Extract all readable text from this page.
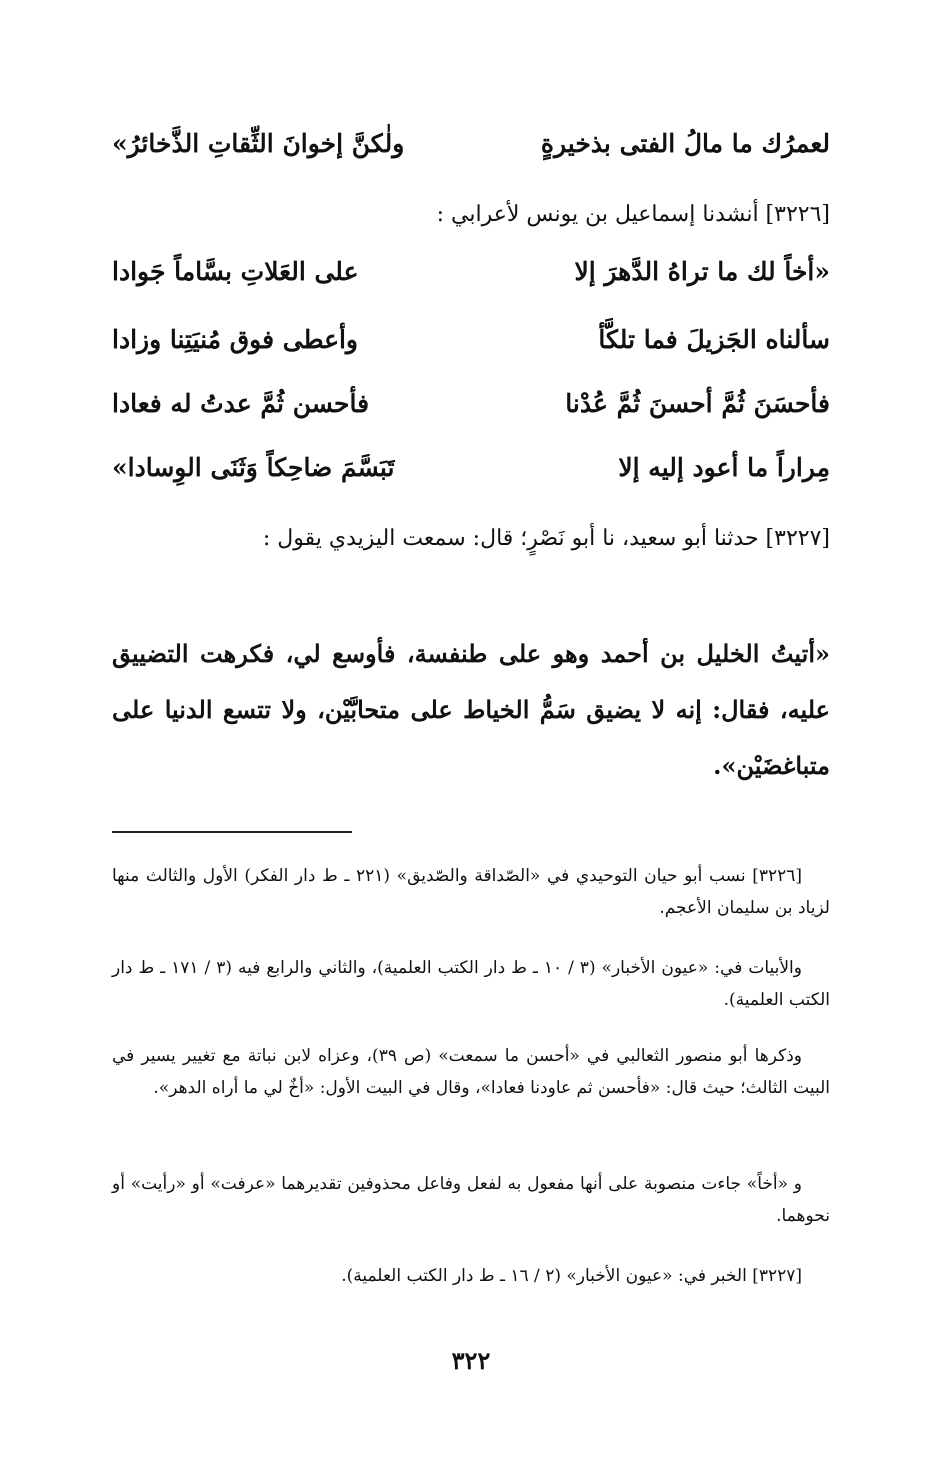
لعمرُك ما مالُ الفتى بذخيرةٍ
ولٰكنَّ إخوانَ الثِّقاتِ الذَّخائرُ»
[٣٢٢٦] أنشدنا إسماعيل بن يونس لأعرابي :
«أخاً لك ما تراهُ الدَّهرَ إلا
على العَلاتِ بسَّاماً جَوادا
سألناه الجَزيلَ فما تلكَّأ
وأعطى فوق مُنيَتِنا وزادا
فأحسَنَ ثُمَّ أحسنَ ثُمَّ عُدْنا
فأحسن ثُمَّ عدتُ له فعادا
مِراراً ما أعود إليه إلا
تَبَسَّمَ ضاحِكاً وَثَنَى الوِسادا»
[٣٢٢٧] حدثنا أبو سعيد، نا أبو نَصْرٍ؛ قال: سمعت اليزيدي يقول :
«أتيتُ الخليل بن أحمد وهو على طنفسة، فأوسع لي، فكرهت التضييق عليه، فقال: إنه لا يضيق سَمُّ الخياط على متحابَّيْن، ولا تتسع الدنيا على متباغضَيْن».
[٣٢٢٦] نسب أبو حيان التوحيدي في «الصّداقة والصّديق» (٢٢١ ـ ط دار الفكر) الأول والثالث منها لزياد بن سليمان الأعجم.
والأبيات في: «عيون الأخبار» (٣ / ١٠ ـ ط دار الكتب العلمية)، والثاني والرابع فيه (٣ / ١٧١ ـ ط دار الكتب العلمية).
وذكرها أبو منصور الثعالبي في «أحسن ما سمعت» (ص ٣٩)، وعزاه لابن نباتة مع تغيير يسير في البيت الثالث؛ حيث قال: «فأحسن ثم عاودنا فعادا»، وقال في البيت الأول: «أخٌ لي ما أراه الدهر».
و «أخاً» جاءت منصوبة على أنها مفعول به لفعل وفاعل محذوفين تقديرهما «عرفت» أو «رأيت» أو نحوهما.
[٣٢٢٧] الخبر في: «عيون الأخبار» (٢ / ١٦ ـ ط دار الكتب العلمية).
٣٢٢
